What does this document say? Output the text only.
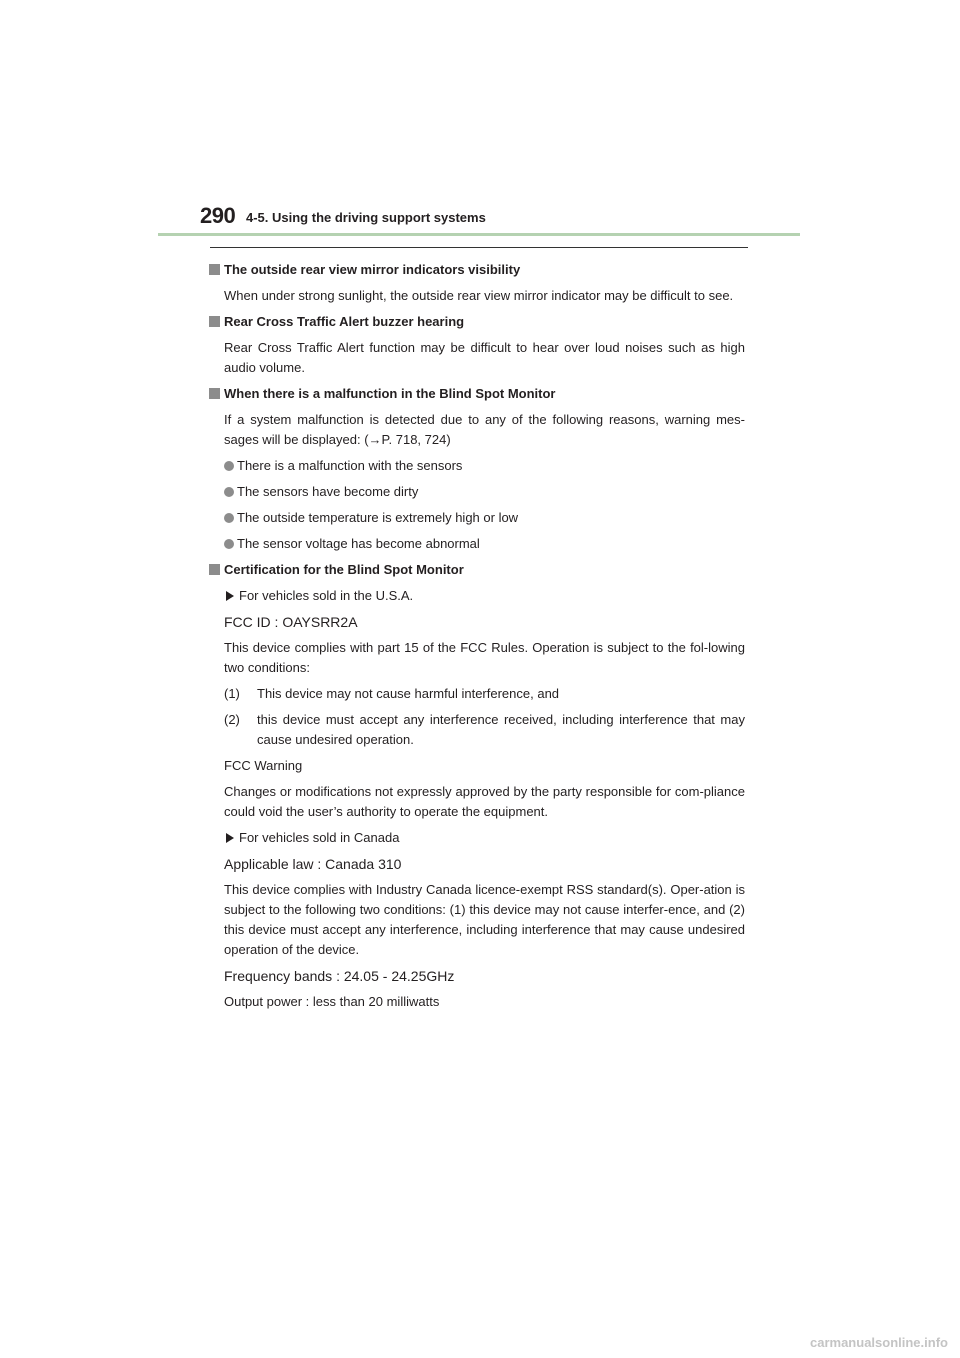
290 4-5. Using the driving support systems
The outside rear view mirror indicators visibility
When under strong sunlight, the outside rear view mirror indicator may be difficult to see.
Rear Cross Traffic Alert buzzer hearing
Rear Cross Traffic Alert function may be difficult to hear over loud noises such as high audio volume.
When there is a malfunction in the Blind Spot Monitor
If a system malfunction is detected due to any of the following reasons, warning mes-sages will be displayed: (→P. 718, 724)
There is a malfunction with the sensors
The sensors have become dirty
The outside temperature is extremely high or low
The sensor voltage has become abnormal
Certification for the Blind Spot Monitor
For vehicles sold in the U.S.A.
FCC ID : OAYSRR2A
This device complies with part 15 of the FCC Rules. Operation is subject to the fol-lowing two conditions:
(1) This device may not cause harmful interference, and
(2) this device must accept any interference received, including interference that may cause undesired operation.
FCC Warning
Changes or modifications not expressly approved by the party responsible for com-pliance could void the user’s authority to operate the equipment.
For vehicles sold in Canada
Applicable law : Canada 310
This device complies with Industry Canada licence-exempt RSS standard(s). Oper-ation is subject to the following two conditions: (1) this device may not cause interfer-ence, and (2) this device must accept any interference, including interference that may cause undesired operation of the device.
Frequency bands : 24.05 - 24.25GHz
Output power : less than 20 milliwatts
carmanualsonline.info
